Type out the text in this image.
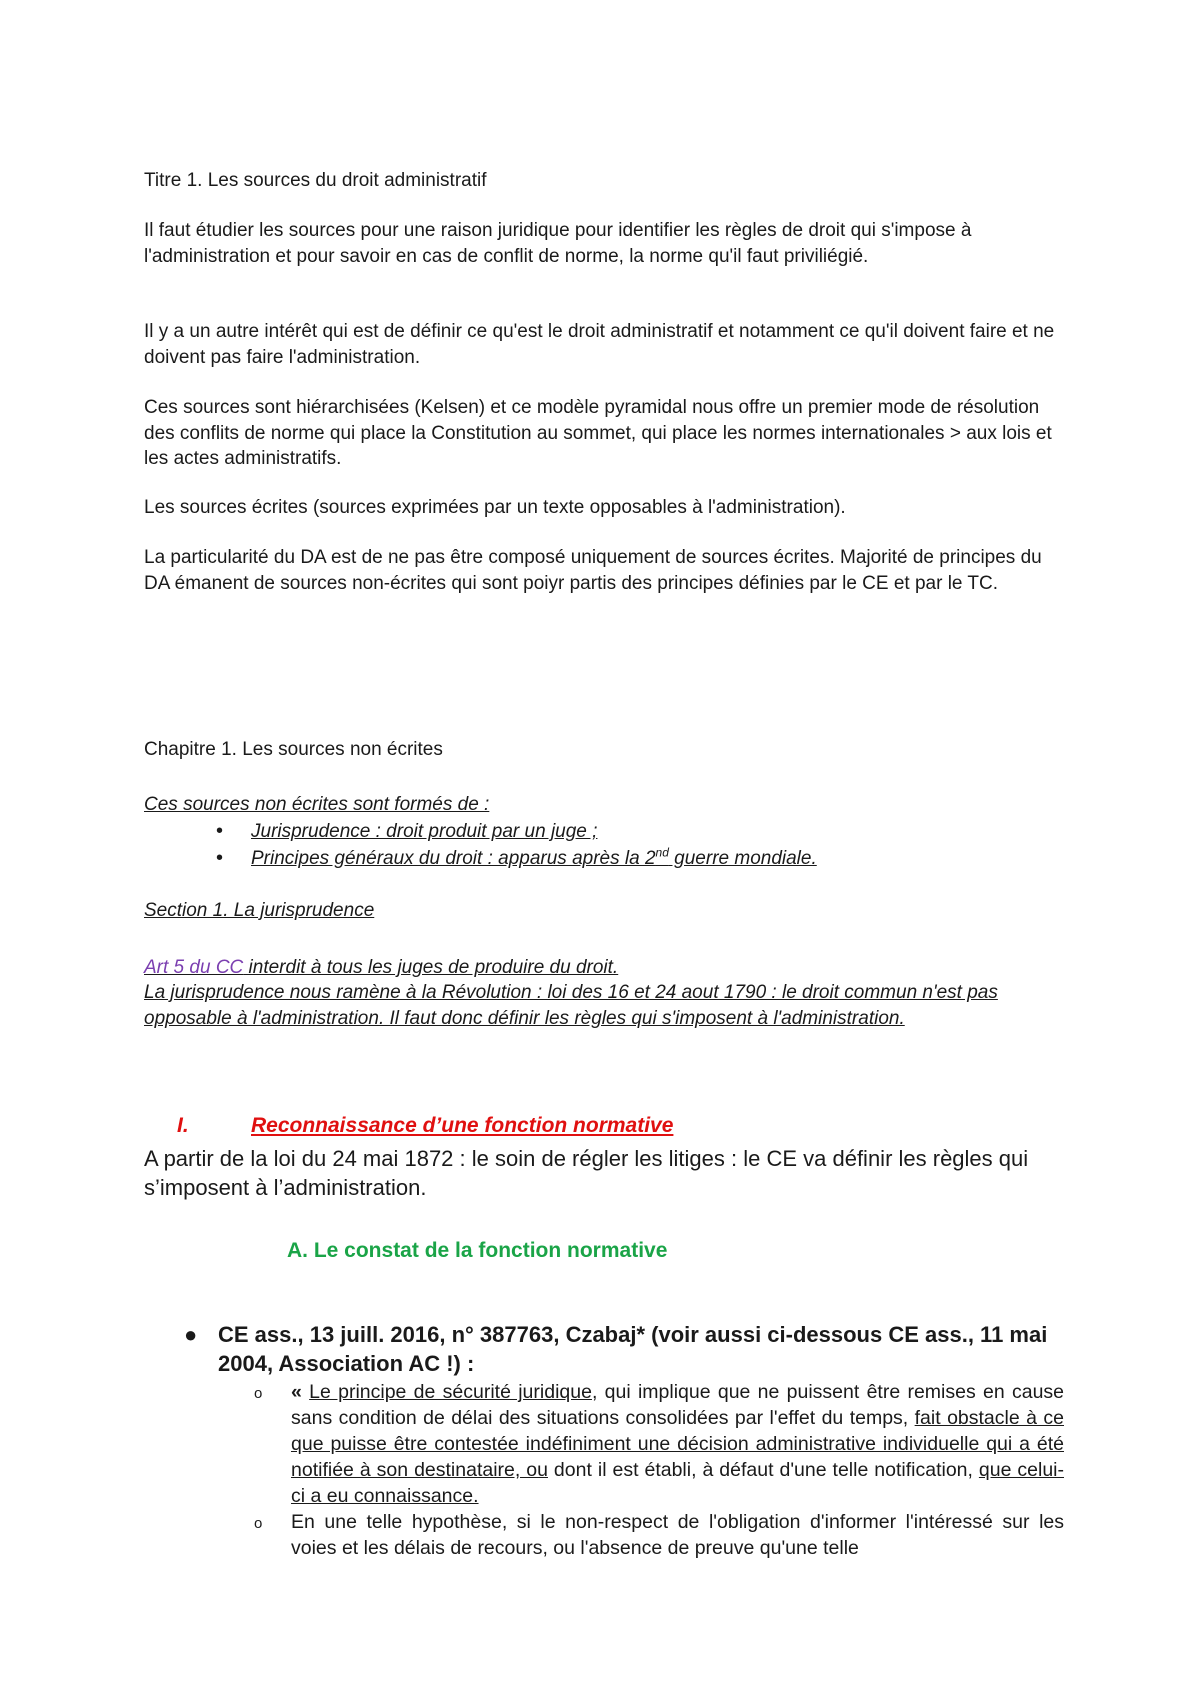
Titre 1. Les sources du droit administratif

Il faut étudier les sources pour une raison juridique pour identifier les règles de droit qui s'impose à l'administration et pour savoir en cas de conflit de norme, la norme qu'il faut priviliégié.

Il y a un autre intérêt qui est de définir ce qu'est le droit administratif et notamment ce qu'il doivent faire et ne doivent pas faire l'administration.

Ces sources sont hiérarchisées (Kelsen) et ce modèle pyramidal nous offre un premier mode de résolution des conflits de norme qui place la Constitution au sommet, qui place les normes internationales > aux lois et les actes administratifs.

Les sources écrites (sources exprimées par un texte opposables à l'administration).

La particularité du DA est de ne pas être composé uniquement de sources écrites. Majorité de principes du DA émanent de sources non-écrites qui sont poiyr partis des principes définies par le CE et par le TC.

Chapitre 1. Les sources non écrites

Ces sources non écrites sont formés de :

• Jurisprudence : droit produit par un juge ;
• Principes généraux du droit : apparus après la 2nd guerre mondiale.

Section 1. La jurisprudence

Art 5 du CC interdit à tous les juges de produire du droit.

La jurisprudence nous ramène à la Révolution : loi des 16 et 24 aout 1790 : le droit commun n'est pas opposable à l'administration. Il faut donc définir les règles qui s'imposent à l'administration.

I.	Reconnaissance d’une fonction normative

A partir de la loi du 24 mai 1872 : le soin de régler les litiges : le CE va définir les règles qui s’imposent à l’administration.

A. Le constat de la fonction normative
● CE ass., 13 juill. 2016, n° 387763, Czabaj* (voir aussi ci-dessous CE ass., 11 mai 2004, Association AC !) :
o « Le principe de sécurité juridique, qui implique que ne puissent être remises en cause sans condition de délai des situations consolidées par l'effet du temps, fait obstacle à ce que puisse être contestée indéfiniment une décision administrative individuelle qui a été notifiée à son destinataire, ou dont il est établi, à défaut d'une telle notification, que celui-ci a eu connaissance.
o En une telle hypothèse, si le non-respect de l'obligation d'informer l'intéressé sur les voies et les délais de recours, ou l'absence de preuve qu'une telle
